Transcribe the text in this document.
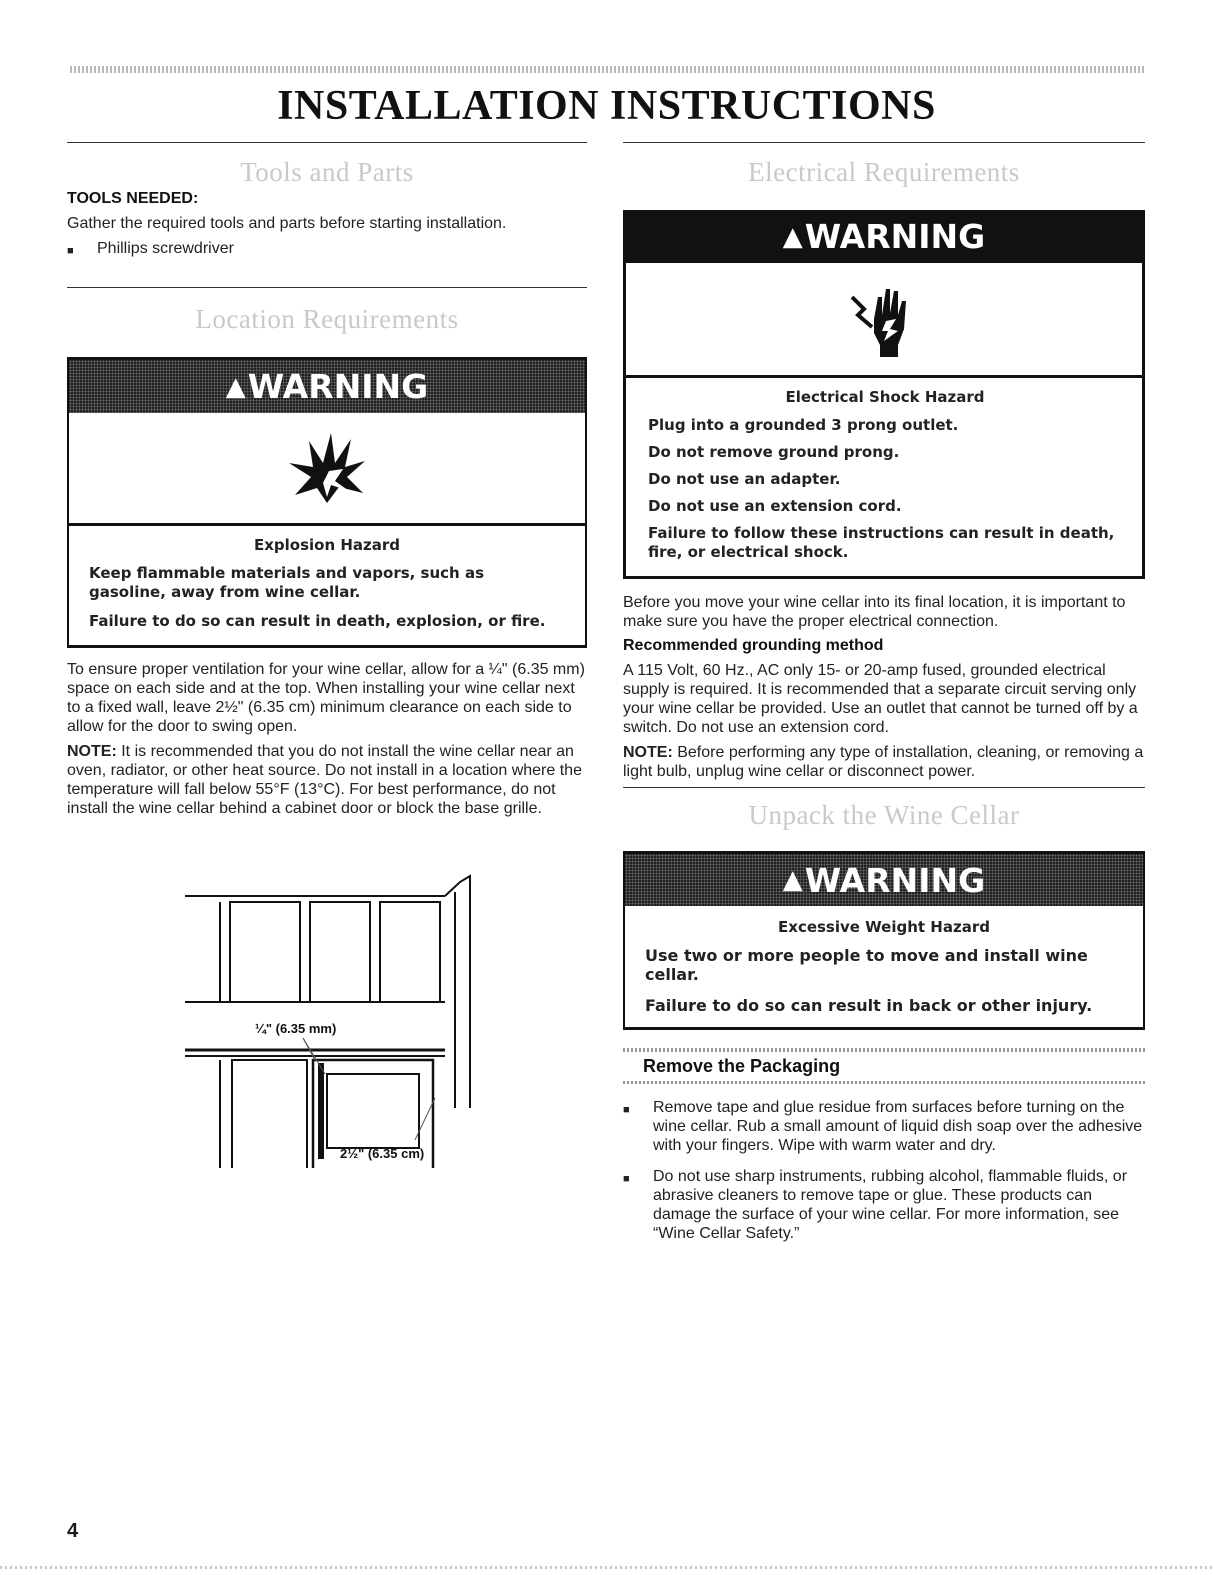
INSTALLATION INSTRUCTIONS
Tools and Parts
TOOLS NEEDED:

Gather the required tools and parts before starting installation.

■	Phillips screwdriver
Location Requirements
▲ WARNING
Explosion Hazard
Keep flammable materials and vapors, such as gasoline, away from wine cellar.
Failure to do so can result in death, explosion, or fire.

To ensure proper ventilation for your wine cellar, allow for a ¼" (6.35 mm) space on each side and at the top. When installing your wine cellar next to a fixed wall, leave 2½" (6.35 cm) minimum clearance on each side to allow for the door to swing open.

NOTE: It is recommended that you do not install the wine cellar near an oven, radiator, or other heat source. Do not install in a location where the temperature will fall below 55°F (13°C). For best performance, do not install the wine cellar behind a cabinet door or block the base grille.

¼" (6.35 mm)
2½" (6.35 cm)
Electrical Requirements
▲ WARNING
Electrical Shock Hazard
Plug into a grounded 3 prong outlet.
Do not remove ground prong.
Do not use an adapter.
Do not use an extension cord.
Failure to follow these instructions can result in death, fire, or electrical shock.

Before you move your wine cellar into its final location, it is important to make sure you have the proper electrical connection.

Recommended grounding method

A 115 Volt, 60 Hz., AC only 15- or 20-amp fused, grounded electrical supply is required. It is recommended that a separate circuit serving only your wine cellar be provided. Use an outlet that cannot be turned off by a switch. Do not use an extension cord.

NOTE: Before performing any type of installation, cleaning, or removing a light bulb, unplug wine cellar or disconnect power.

Unpack the Wine Cellar
▲ WARNING
Excessive Weight Hazard
Use two or more people to move and install wine cellar.
Failure to do so can result in back or other injury.
Remove the Packaging
■	Remove tape and glue residue from surfaces before turning on the wine cellar. Rub a small amount of liquid dish soap over the adhesive with your fingers. Wipe with warm water and dry.
■	Do not use sharp instruments, rubbing alcohol, flammable fluids, or abrasive cleaners to remove tape or glue. These products can damage the surface of your wine cellar. For more information, see “Wine Cellar Safety.”
4
